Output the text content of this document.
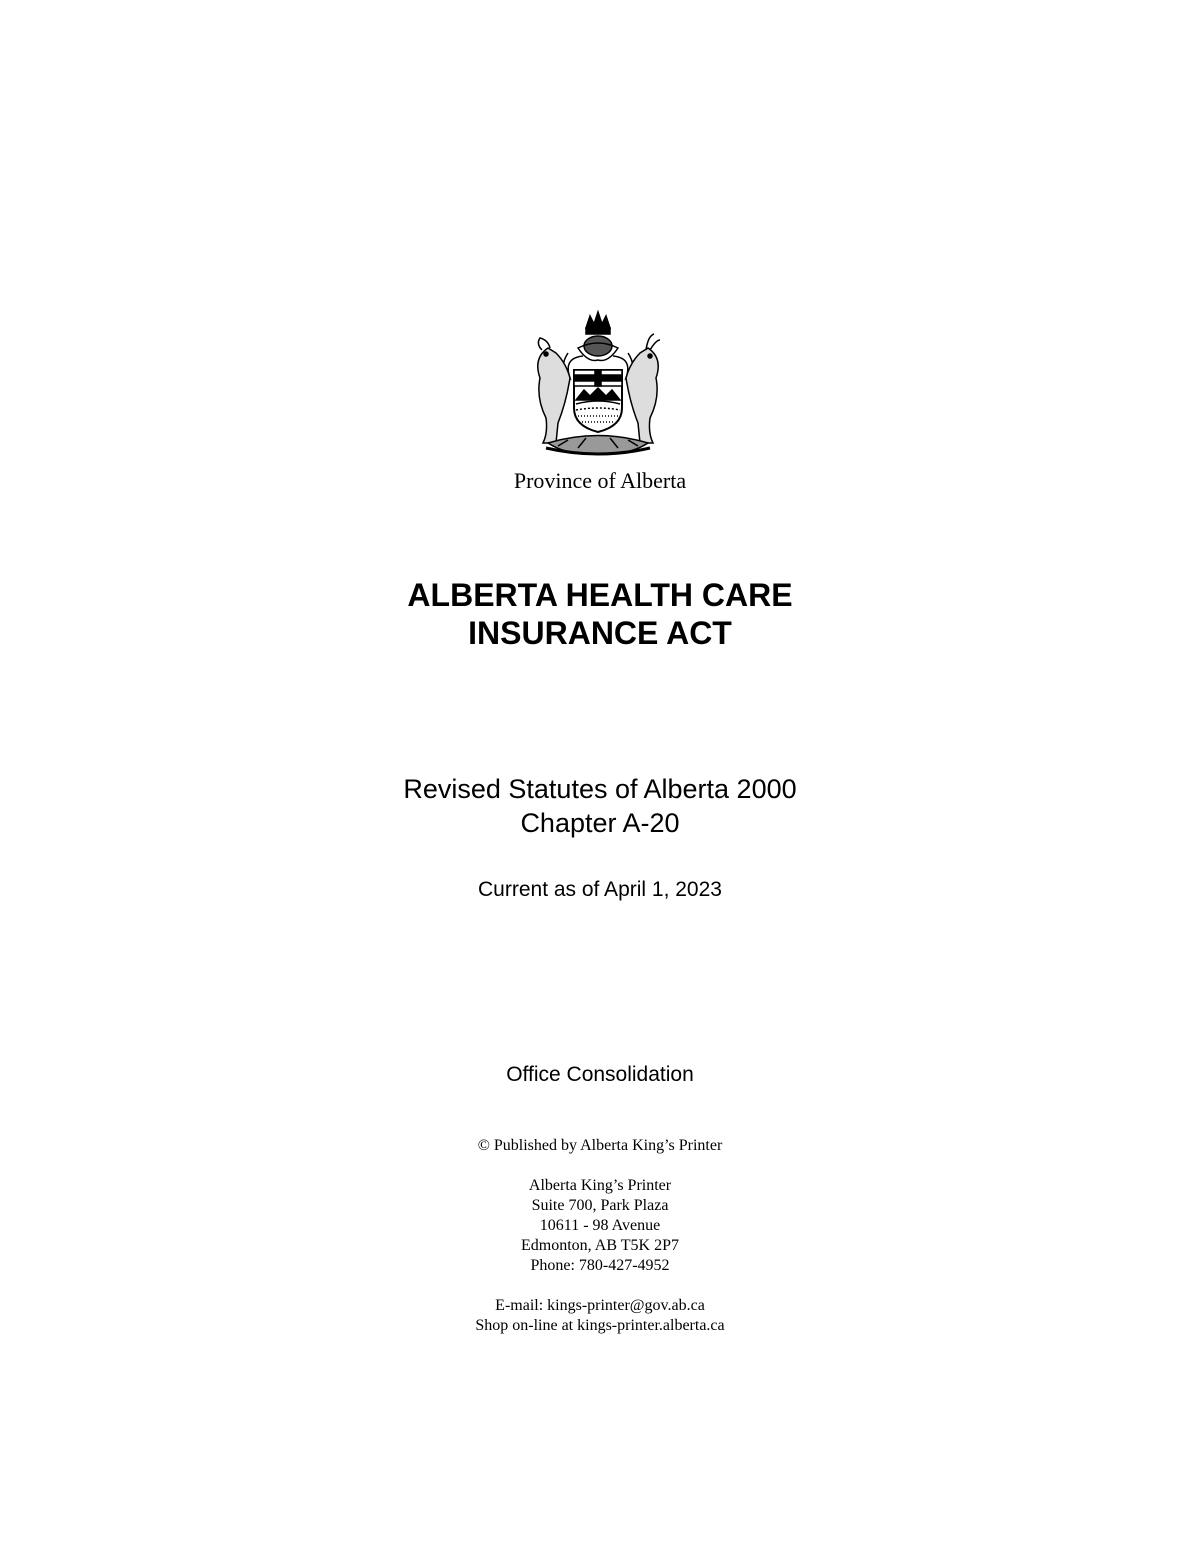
Province of Alberta
ALBERTA HEALTH CARE
INSURANCE ACT
Revised Statutes of Alberta 2000
Chapter A-20
Current as of April 1, 2023
Office Consolidation
© Published by Alberta King’s Printer
Alberta King’s Printer
Suite 700, Park Plaza
10611 - 98 Avenue
Edmonton, AB T5K 2P7
Phone: 780-427-4952
E-mail: kings-printer@gov.ab.ca
Shop on-line at kings-printer.alberta.ca
